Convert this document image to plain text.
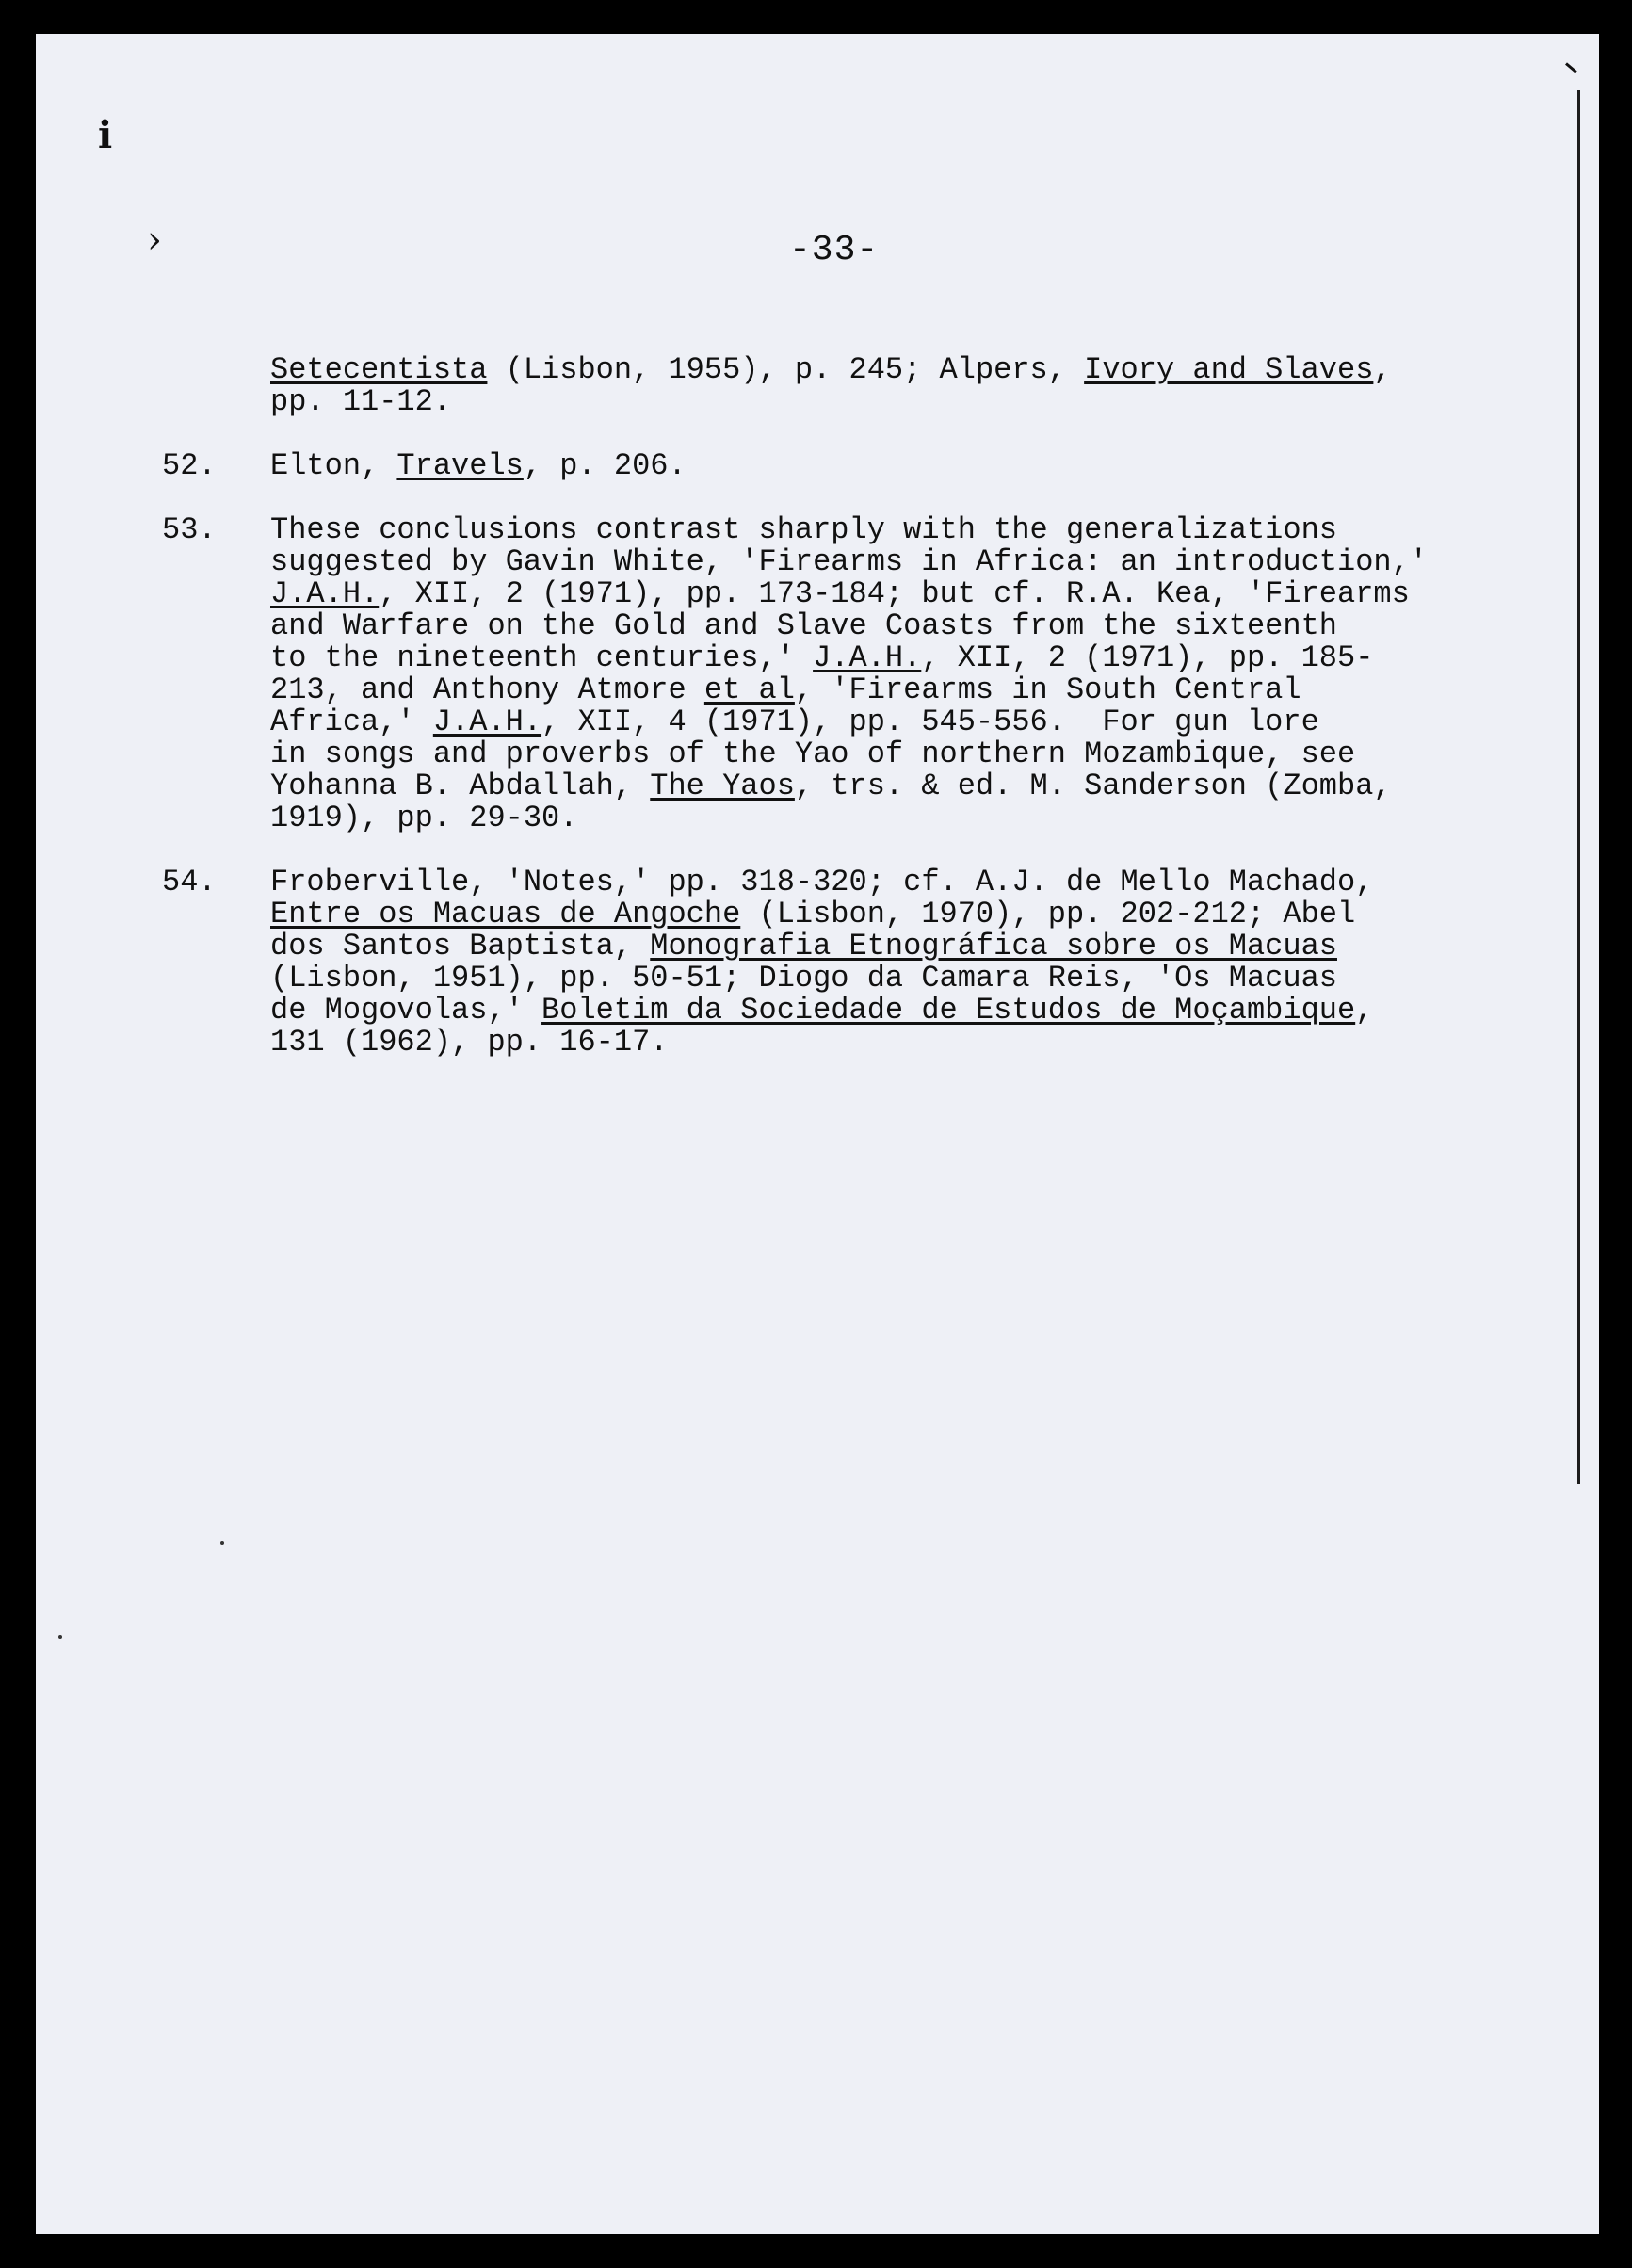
i
›	-33-
Setecentista (Lisbon, 1955), p. 245; Alpers, Ivory and Slaves,
pp. 11-12.
52. Elton, Travels, p. 206.
53. These conclusions contrast sharply with the generalizations
suggested by Gavin White, 'Firearms in Africa: an introduction,'
J.A.H., XII, 2 (1971), pp. 173-184; but cf. R.A. Kea, 'Firearms
and Warfare on the Gold and Slave Coasts from the sixteenth
to the nineteenth centuries,' J.A.H., XII, 2 (1971), pp. 185-
213, and Anthony Atmore et al, 'Firearms in South Central
Africa,' J.A.H., XII, 4 (1971), pp. 545-556.  For gun lore
in songs and proverbs of the Yao of northern Mozambique, see
Yohanna B. Abdallah, The Yaos, trs. & ed. M. Sanderson (Zomba,
1919), pp. 29-30.
54. Froberville, 'Notes,' pp. 318-320; cf. A.J. de Mello Machado,
Entre os Macuas de Angoche (Lisbon, 1970), pp. 202-212; Abel
dos Santos Baptista, Monografia Etnográfica sobre os Macuas
(Lisbon, 1951), pp. 50-51; Diogo da Camara Reis, 'Os Macuas
de Mogovolas,' Boletim da Sociedade de Estudos de Moçambique,
131 (1962), pp. 16-17.
